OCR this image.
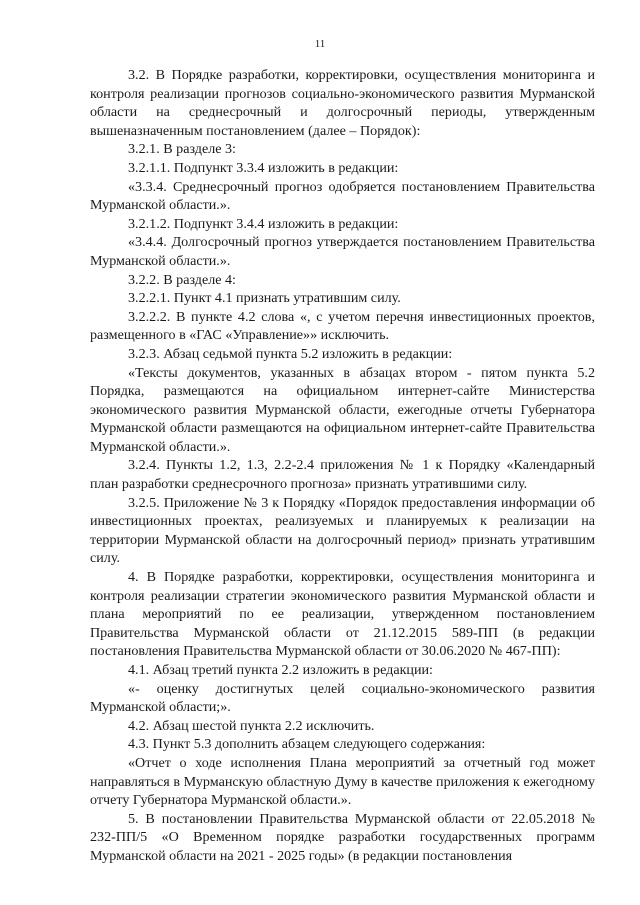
11

3.2. В Порядке разработки, корректировки, осуществления мониторинга и контроля реализации прогнозов социально-экономического развития Мурманской области на среднесрочный и долгосрочный периоды, утвержденным вышеназначенным постановлением (далее – Порядок):

3.2.1. В разделе 3:

3.2.1.1. Подпункт 3.3.4 изложить в редакции:

«3.3.4. Среднесрочный прогноз одобряется постановлением Правительства Мурманской области.».

3.2.1.2. Подпункт 3.4.4 изложить в редакции:

«3.4.4. Долгосрочный прогноз утверждается постановлением Правительства Мурманской области.».

3.2.2. В разделе 4:

3.2.2.1. Пункт 4.1 признать утратившим силу.

3.2.2.2. В пункте 4.2 слова «, с учетом перечня инвестиционных проектов, размещенного в «ГАС «Управление»» исключить.

3.2.3. Абзац седьмой пункта 5.2 изложить в редакции:

«Тексты документов, указанных в абзацах втором - пятом пункта 5.2 Порядка, размещаются на официальном интернет-сайте Министерства экономического развития Мурманской области, ежегодные отчеты Губернатора Мурманской области размещаются на официальном интернет-сайте Правительства Мурманской области.».

3.2.4. Пункты 1.2, 1.3, 2.2-2.4 приложения № 1 к Порядку «Календарный план разработки среднесрочного прогноза» признать утратившими силу.

3.2.5. Приложение № 3 к Порядку «Порядок предоставления информации об инвестиционных проектах, реализуемых и планируемых к реализации на территории Мурманской области на долгосрочный период» признать утратившим силу.

4. В Порядке разработки, корректировки, осуществления мониторинга и контроля реализации стратегии экономического развития Мурманской области и плана мероприятий по ее реализации, утвержденном постановлением Правительства Мурманской области от 21.12.2015 589-ПП (в редакции постановления Правительства Мурманской области от 30.06.2020 № 467-ПП):

4.1. Абзац третий пункта 2.2 изложить в редакции:

«- оценку достигнутых целей социально-экономического развития Мурманской области;».

4.2. Абзац шестой пункта 2.2 исключить.

4.3. Пункт 5.3 дополнить абзацем следующего содержания:

«Отчет о ходе исполнения Плана мероприятий за отчетный год может направляться в Мурманскую областную Думу в качестве приложения к ежегодному отчету Губернатора Мурманской области.».

5. В постановлении Правительства Мурманской области от 22.05.2018 № 232-ПП/5 «О Временном порядке разработки государственных программ Мурманской области на 2021 - 2025 годы» (в редакции постановления
